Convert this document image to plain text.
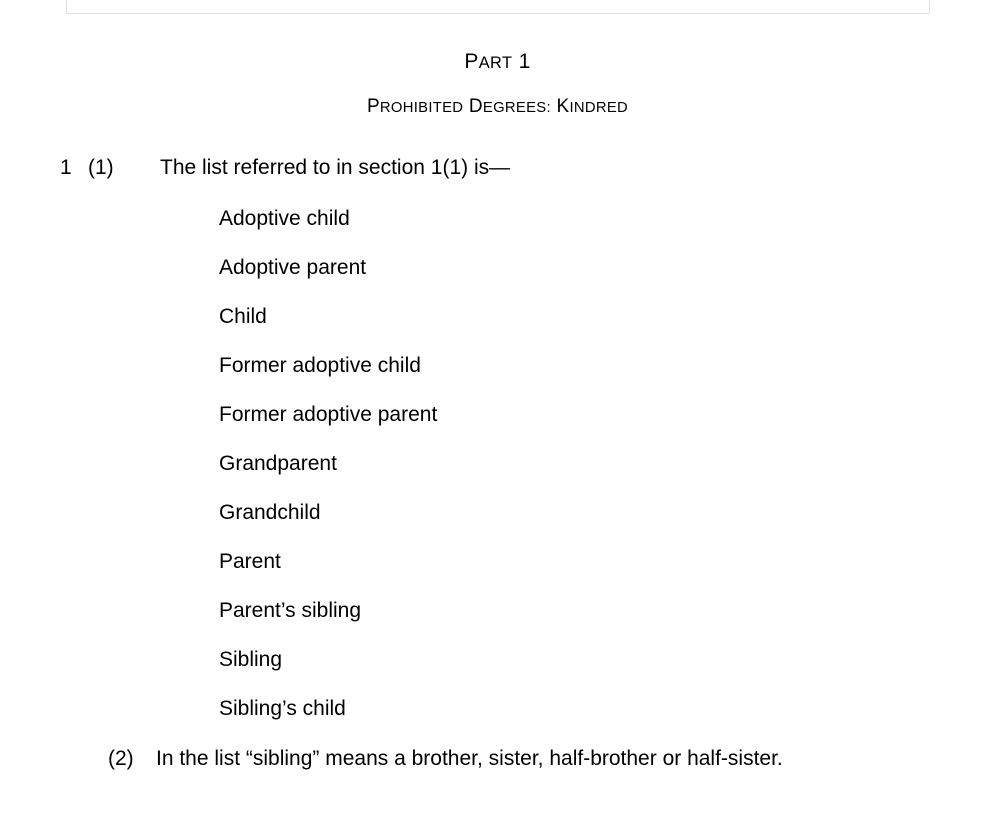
PART 1
PROHIBITED DEGREES: KINDRED
1 (1) The list referred to in section 1(1) is—
Adoptive child
Adoptive parent
Child
Former adoptive child
Former adoptive parent
Grandparent
Grandchild
Parent
Parent’s sibling
Sibling
Sibling’s child
(2) In the list “sibling” means a brother, sister, half-brother or half-sister.
